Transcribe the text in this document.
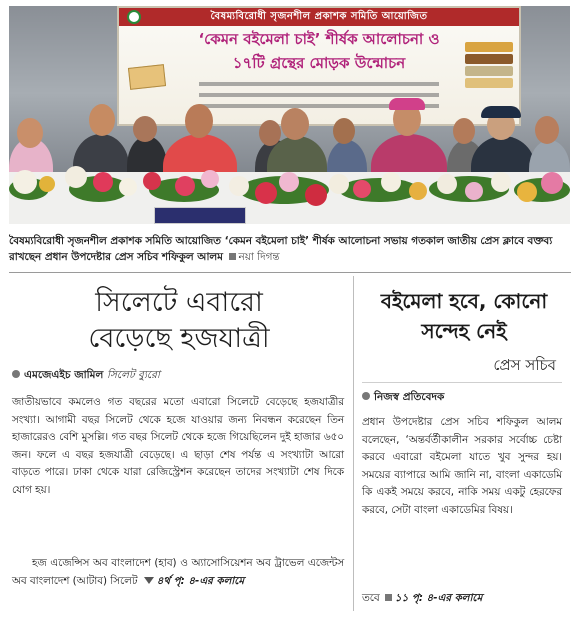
বৈষম্যবিরোধী সৃজনশীল প্রকাশক সমিতি আয়োজিত
‘কেমন বইমেলা চাই’ শীর্ষক আলোচনা ও
১৭টি গ্রন্থের মোড়ক উন্মোচন
বৈষম্যবিরোধী সৃজনশীল প্রকাশক সমিতি আয়োজিত ‘কেমন বইমেলা চাই’ শীর্ষক আলোচনা সভায় গতকাল জাতীয় প্রেস ক্লাবে বক্তব্য রাখছেন প্রধান উপদেষ্টার প্রেস সচিব শফিকুল আলম নয়া দিগন্ত
সিলেটে এবারো
বেড়েছে হজযাত্রী
এমজেএইচ জামিল সিলেট ব্যুরো
জাতীয়ভাবে কমলেও গত বছরের মতো এবারো সিলেটে বেড়েছে হজযাত্রীর সংখ্যা। আগামী বছর সিলেট থেকে হজে যাওয়ার জন্য নিবন্ধন করেছেন তিন হাজারেরও বেশি মুসল্লি। গত বছর সিলেট থেকে হজে গিয়েছিলেন দুই হাজার ৬৫০ জন। ফলে এ বছর হজযাত্রী বেড়েছে। এ ছাড়া শেষ পর্যন্ত এ সংখ্যাটা আরো বাড়তে পারে। ঢাকা থেকে যারা রেজিস্ট্রেশন করেছেন তাদের সংখ্যাটা শেষ দিকে যোগ হয়।
হজ এজেন্সিস অব বাংলাদেশ (হাব) ও অ্যাসোসিয়েশন অব ট্রাভেল এজেন্টস অব বাংলাদেশ (আটাব) সিলেট ৪র্থ পৃ: ৪-এর কলামে
বইমেলা হবে, কোনো
সন্দেহ নেই
প্রেস সচিব
নিজস্ব প্রতিবেদক
প্রধান উপদেষ্টার প্রেস সচিব শফিকুল আলম বলেছেন, ‘অন্তর্বর্তীকালীন সরকার সর্বোচ্চ চেষ্টা করবে এবারো বইমেলা যাতে খুব সুন্দর হয়। সময়ের ব্যাপারে আমি জানি না, বাংলা একাডেমি কি একই সময়ে করবে, নাকি সময় একটু হেরফের করবে, সেটা বাংলা একাডেমির বিষয়।
তবে ১১ পৃ: ৪-এর কলামে
